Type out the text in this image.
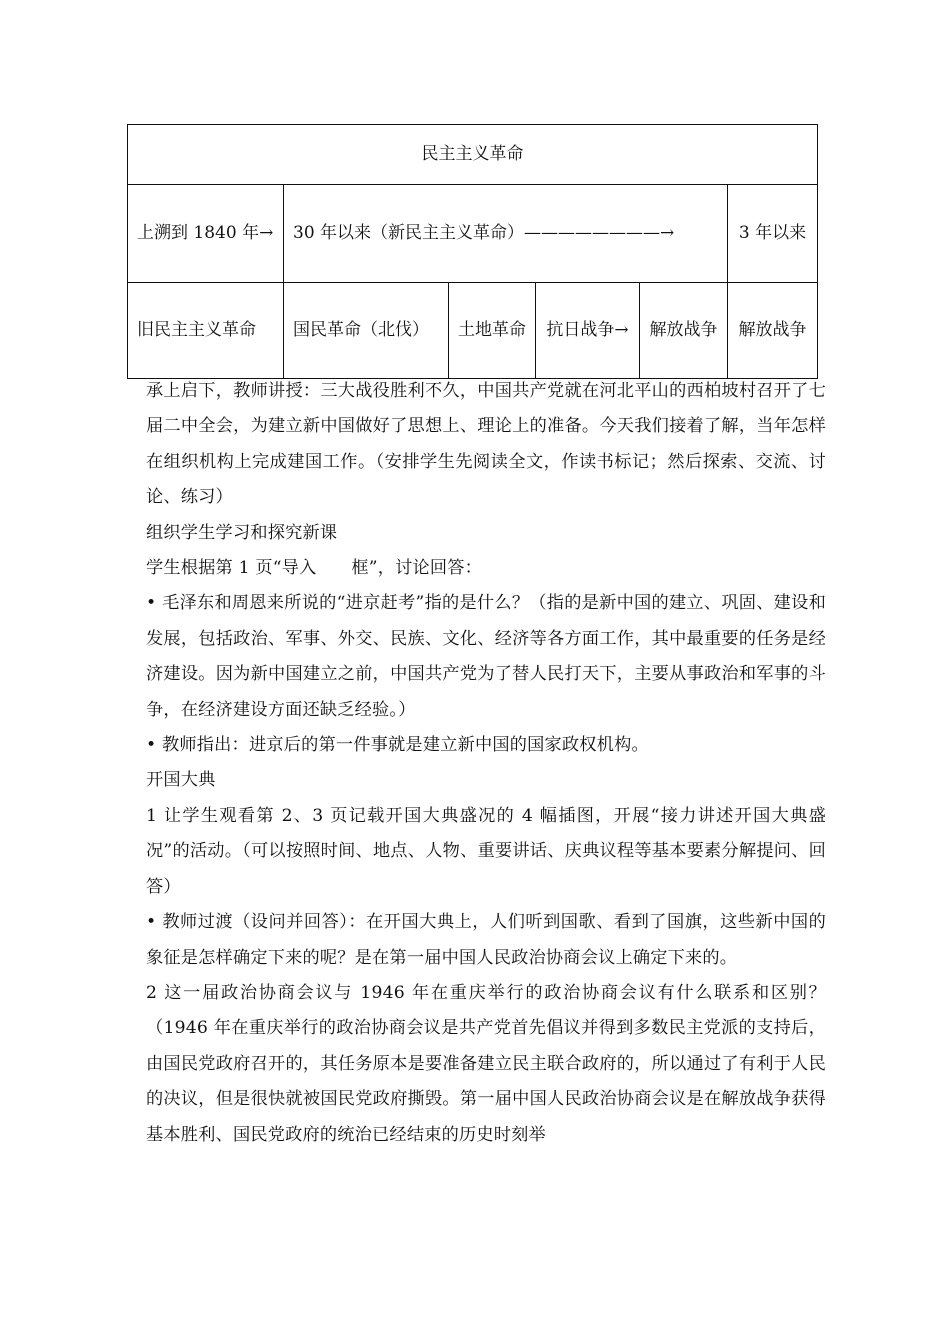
民主主义革命					
上溯到 1840 年→	30 年以来（新民主主义革命）————————→				3 年以来
旧民主主义革命	国民革命（北伐）	土地革命	抗日战争→	解放战争	解放战争

承上启下，教师讲授：三大战役胜利不久，中国共产党就在河北平山的西柏坡村召开了七届二中全会，为建立新中国做好了思想上、理论上的准备。今天我们接着了解，当年怎样在组织机构上完成建国工作。（安排学生先阅读全文，作读书标记；然后探索、交流、讨论、练习）

组织学生学习和探究新课

学生根据第 1 页“导入　　框”，讨论回答：

• 毛泽东和周恩来所说的“进京赶考”指的是什么？（指的是新中国的建立、巩固、建设和发展，包括政治、军事、外交、民族、文化、经济等各方面工作，其中最重要的任务是经济建设。因为新中国建立之前，中国共产党为了替人民打天下，主要从事政治和军事的斗争，在经济建设方面还缺乏经验。）

• 教师指出：进京后的第一件事就是建立新中国的国家政权机构。

开国大典

1 让学生观看第 2、3 页记载开国大典盛况的 4 幅插图，开展“接力讲述开国大典盛况”的活动。（可以按照时间、地点、人物、重要讲话、庆典议程等基本要素分解提问、回答）

• 教师过渡（设问并回答）：在开国大典上，人们听到国歌、看到了国旗，这些新中国的象征是怎样确定下来的呢？是在第一届中国人民政治协商会议上确定下来的。

2 这一届政治协商会议与 1946 年在重庆举行的政治协商会议有什么联系和区别？（1946 年在重庆举行的政治协商会议是共产党首先倡议并得到多数民主党派的支持后，由国民党政府召开的，其任务原本是要准备建立民主联合政府的，所以通过了有利于人民的决议，但是很快就被国民党政府撕毁。第一届中国人民政治协商会议是在解放战争获得基本胜利、国民党政府的统治已经结束的历史时刻举
